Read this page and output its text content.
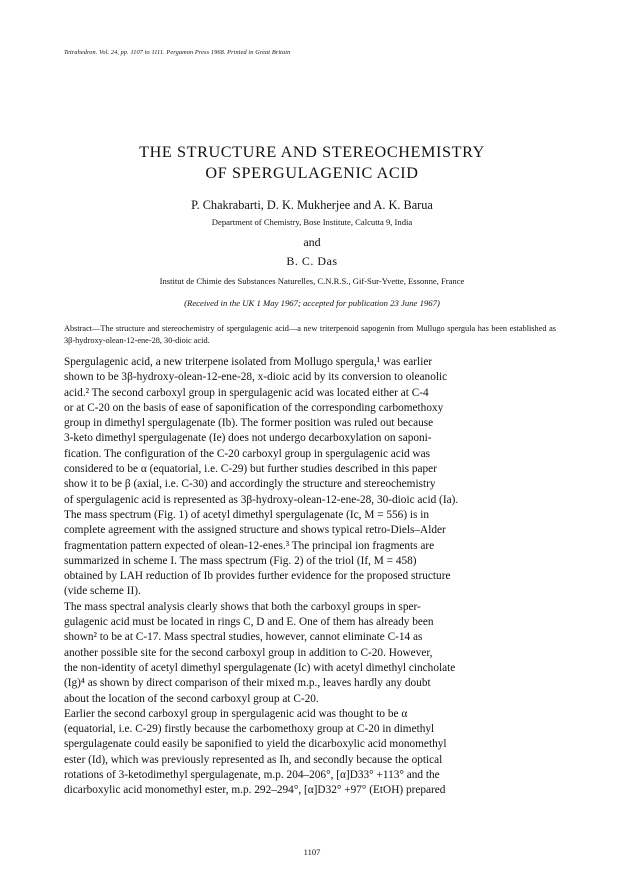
Tetrahedron. Vol. 24, pp. 1107 to 1111. Pergamon Press 1968. Printed in Great Britain
THE STRUCTURE AND STEREOCHEMISTRY
OF SPERGULAGENIC ACID
P. Chakrabarti, D. K. Mukherjee and A. K. Barua
Department of Chemistry, Bose Institute, Calcutta 9, India
and
B. C. Das
Institut de Chimie des Substances Naturelles, C.N.R.S., Gif-Sur-Yvette, Essonne, France
(Received in the UK 1 May 1967; accepted for publication 23 June 1967)
Abstract—The structure and stereochemistry of spergulagenic acid—a new triterpenoid sapogenin from Mullugo spergula has been established as 3β-hydroxy-olean-12-ene-28, 30-dioic acid.
Spergulagenic acid, a new triterpene isolated from Mollugo spergula,¹ was earlier
shown to be 3β-hydroxy-olean-12-ene-28, x-dioic acid by its conversion to oleanolic
acid.² The second carboxyl group in spergulagenic acid was located either at C-4
or at C-20 on the basis of ease of saponification of the corresponding carbomethoxy
group in dimethyl spergulagenate (Ib). The former position was ruled out because
3-keto dimethyl spergulagenate (Ie) does not undergo decarboxylation on saponi-
fication. The configuration of the C-20 carboxyl group in spergulagenic acid was
considered to be α (equatorial, i.e. C-29) but further studies described in this paper
show it to be β (axial, i.e. C-30) and accordingly the structure and stereochemistry
of spergulagenic acid is represented as 3β-hydroxy-olean-12-ene-28, 30-dioic acid (Ia).
The mass spectrum (Fig. 1) of acetyl dimethyl spergulagenate (Ic, M = 556) is in
complete agreement with the assigned structure and shows typical retro-Diels–Alder
fragmentation pattern expected of olean-12-enes.³ The principal ion fragments are
summarized in scheme I. The mass spectrum (Fig. 2) of the triol (If, M = 458)
obtained by LAH reduction of Ib provides further evidence for the proposed structure
(vide scheme II).
The mass spectral analysis clearly shows that both the carboxyl groups in sper-
gulagenic acid must be located in rings C, D and E. One of them has already been
shown² to be at C-17. Mass spectral studies, however, cannot eliminate C-14 as
another possible site for the second carboxyl group in addition to C-20. However,
the non-identity of acetyl dimethyl spergulagenate (Ic) with acetyl dimethyl cincholate
(Ig)⁴ as shown by direct comparison of their mixed m.p., leaves hardly any doubt
about the location of the second carboxyl group at C-20.
Earlier the second carboxyl group in spergulagenic acid was thought to be α
(equatorial, i.e. C-29) firstly because the carbomethoxy group at C-20 in dimethyl
spergulagenate could easily be saponified to yield the dicarboxylic acid monomethyl
ester (Id), which was previously represented as Ih, and secondly because the optical
rotations of 3-ketodimethyl spergulagenate, m.p. 204–206°, [α]D33° +113° and the
dicarboxylic acid monomethyl ester, m.p. 292–294°, [α]D32° +97° (EtOH) prepared
1107
